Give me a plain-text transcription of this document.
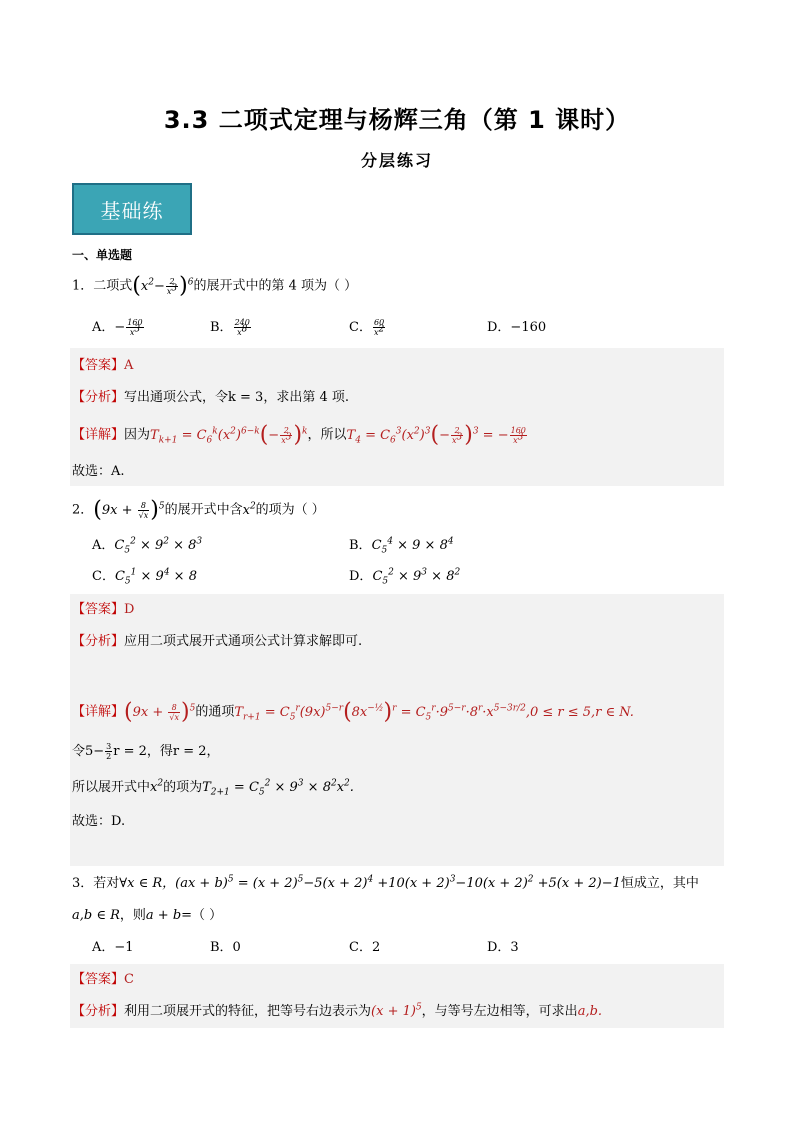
3.3 二项式定理与杨辉三角（第 1 课时）
分层练习
基础练
一、单选题
1．二项式$(x^2- \frac{2}{x^3} )^6$的展开式中的第 4 项为（ ）
A．− $\frac{160}{x^3}$	B． $\frac{240}{x^8}$	C． $\frac{60}{x^2}$	D．−160
【答案】A
【分析】写出通项公式，令k = 3，求出第 4 项.
【详解】因为$T_{k+1} = C_6^k(x^2)^{6-k}(- \frac{2}{x^3} )^k$，所以$T_4 = C_6^3(x^2)^3(- \frac{2}{x^3} )^3$ = − $\frac{160}{x^3}$
故选：A.
2．$(9x + \frac{8}{√x} )^5$的展开式中含$x^2$的项为（ ）
A．$C_5^2 \times 9^2 \times 8^3$	B．$C_5^4 \times 9 \times 8^4$
C．$C_5^1 \times 9^4 \times 8$	D．$C_5^2 \times 9^3 \times 8^2$
【答案】D
【分析】应用二项式展开式通项公式计算求解即可.
【详解】$(9x + \frac{8}{√x} )^5$的通项$T_{r+1} = C_5^r(9x)^{5-r}(8x^{-\frac{1}{2}})^r = C_5^r\cdot 9^{5-r}\cdot 8^r\cdot x^{5-3r/2},0 \le r \le 5,r$ ∈ N.
令$5- \frac{3}{2}$ r = 2，得r = 2，
所以展开式中$x^2$的项为$T_{2+1} = C_5^2 \times 9^3 \times 8^2x^2$.
故选：D.
3．若对∀x ∈ R，$(ax + b)^5 = (x + 2)^5-5(x + 2)^4 +10(x + 2)^3-10(x + 2)^2 +5(x + 2)-1$恒成立，其中
a,b ∈ R，则a + b=（ ）
A．−1	B．0	C．2	D．3
【答案】C
【分析】利用二项展开式的特征，把等号右边表示为$(x + 1)^5$，与等号左边相等，可求出a,b.
